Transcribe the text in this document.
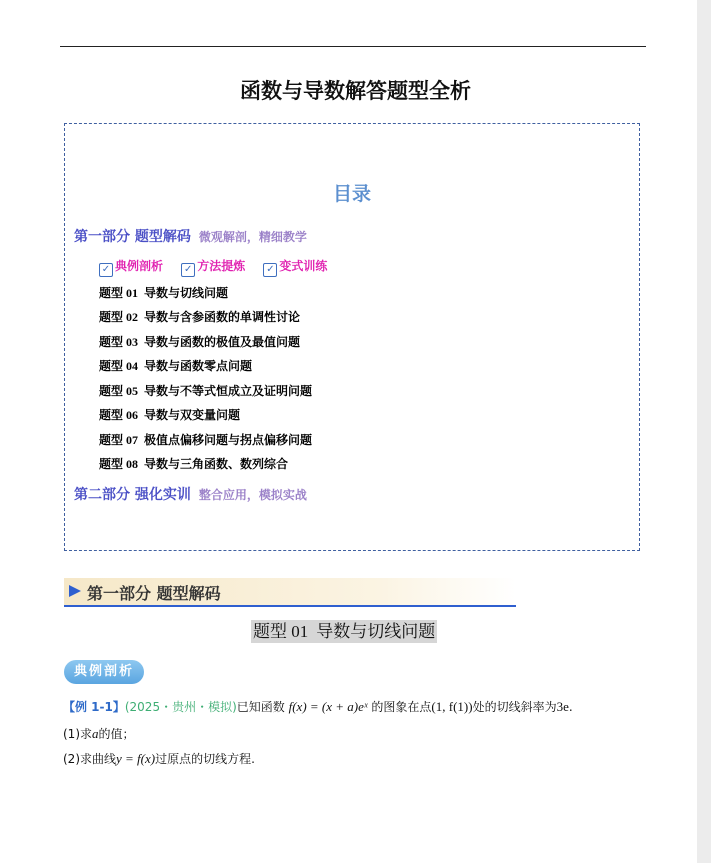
函数与导数解答题型全析
目录
第一部分 题型解码 微观解剖，精细教学
✓ 典例剖析 ✓ 方法提炼 ✓ 变式训练
题型 01 导数与切线问题
题型 02 导数与含参函数的单调性讨论
题型 03 导数与函数的极值及最值问题
题型 04 导数与函数零点问题
题型 05 导数与不等式恒成立及证明问题
题型 06 导数与双变量问题
题型 07 极值点偏移问题与拐点偏移问题
题型 08 导数与三角函数、数列综合
第二部分 强化实训 整合应用，模拟实战
第一部分 题型解码
题型 01 导数与切线问题
典例剖析
【例 1-1】(2025・贵州・模拟)已知函数 f(x) = (x + a)eˣ 的图象在点(1, f(1))处的切线斜率为3e.
(1)求a的值；
(2)求曲线y = f(x)过原点的切线方程.
